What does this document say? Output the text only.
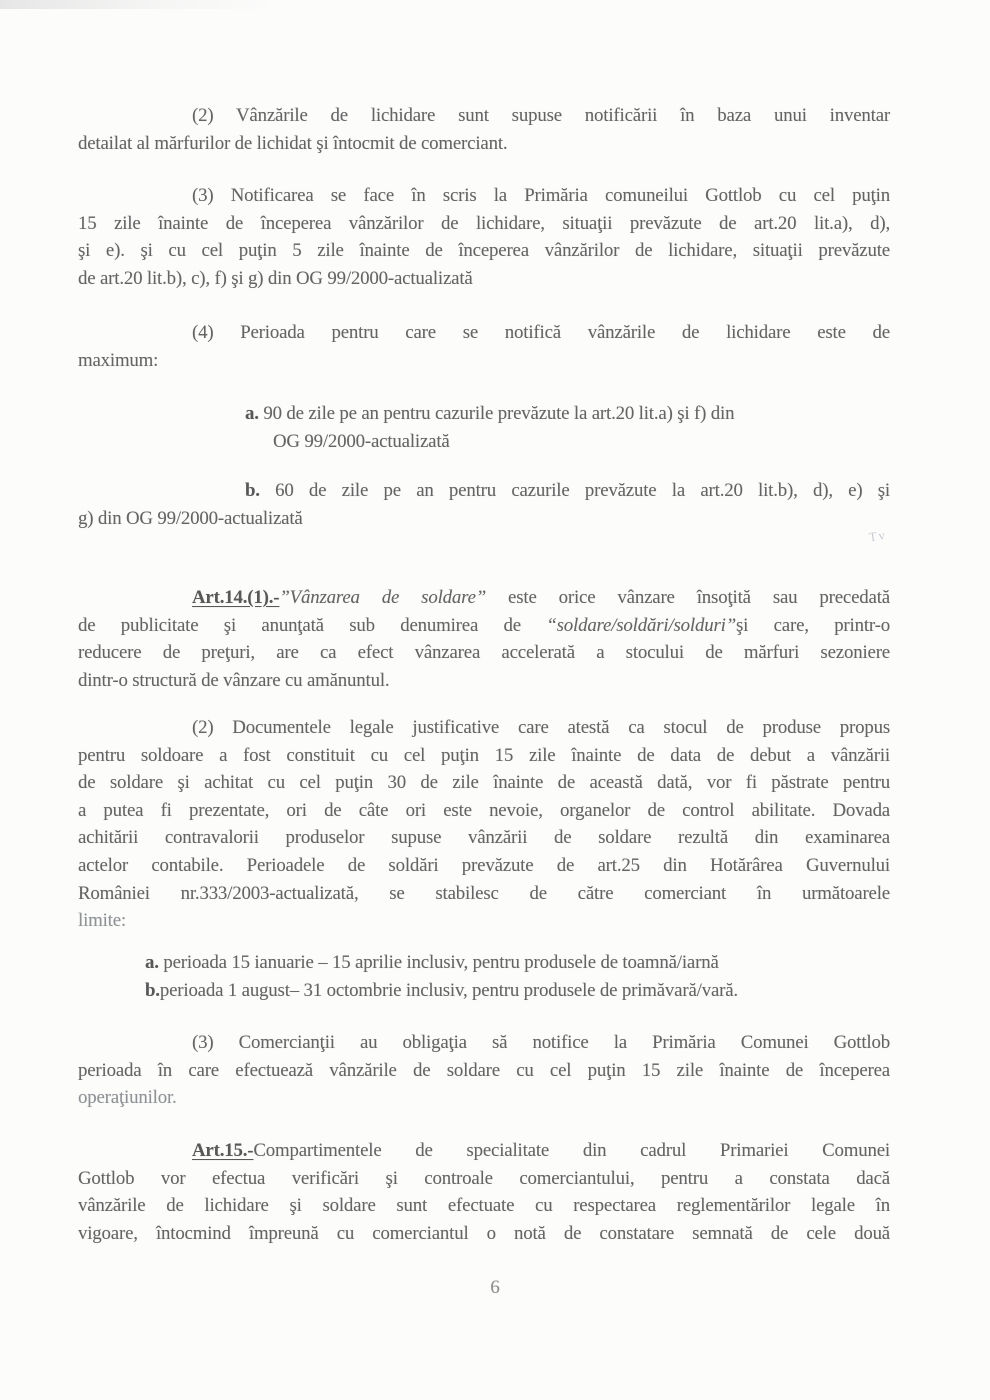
(2) Vânzările de lichidare sunt supuse notificării în baza unui inventar
detailat al mărfurilor de lichidat şi întocmit de comerciant.
(3) Notificarea se face în scris la Primăria comuneilui Gottlob cu cel puţin
15 zile înainte de începerea vânzărilor de lichidare, situaţii prevăzute de art.20 lit.a), d),
şi e). şi cu cel puţin 5 zile înainte de începerea vânzărilor de lichidare, situaţii prevăzute
de art.20 lit.b), c), f) şi g) din OG 99/2000-actualizată
(4) Perioada pentru care se notifică vânzările de lichidare este de
maximum:
a. 90 de zile pe an pentru cazurile prevăzute la art.20 lit.a) şi f) din
OG 99/2000-actualizată
b. 60 de zile pe an pentru cazurile prevăzute la art.20 lit.b), d), e) şi
g) din OG 99/2000-actualizată
Tv
Art.14.(1).-”Vânzarea de soldare” este orice vânzare însoţită sau precedată
de publicitate şi anunţată sub denumirea de “soldare/soldări/solduri”şi care, printr-o
reducere de preţuri, are ca efect vânzarea accelerată a stocului de mărfuri sezoniere
dintr-o structură de vânzare cu amănuntul.
(2) Documentele legale justificative care atestă ca stocul de produse propus
pentru soldoare a fost constituit cu cel puţin 15 zile înainte de data de debut a vânzării
de soldare şi achitat cu cel puţin 30 de zile înainte de această dată, vor fi păstrate pentru
a putea fi prezentate, ori de câte ori este nevoie, organelor de control abilitate. Dovada
achitării contravalorii produselor supuse vânzării de soldare rezultă din examinarea
actelor contabile. Perioadele de soldări prevăzute de art.25 din Hotărârea Guvernului
României nr.333/2003-actualizată, se stabilesc de către comerciant în următoarele
limite:
a. perioada 15 ianuarie – 15 aprilie inclusiv, pentru produsele de toamnă/iarnă
b.perioada 1 august– 31 octombrie inclusiv, pentru produsele de primăvară/vară.
(3) Comercianţii au obligaţia să notifice la Primăria Comunei Gottlob
perioada în care efectuează vânzările de soldare cu cel puţin 15 zile înainte de începerea
operaţiunilor.
Art.15.-Compartimentele de specialitate din cadrul Primariei Comunei
Gottlob vor efectua verificări şi controale comerciantului, pentru a constata dacă
vânzările de lichidare şi soldare sunt efectuate cu respectarea reglementărilor legale în
vigoare, întocmind împreună cu comerciantul o notă de constatare semnată de cele două
6
